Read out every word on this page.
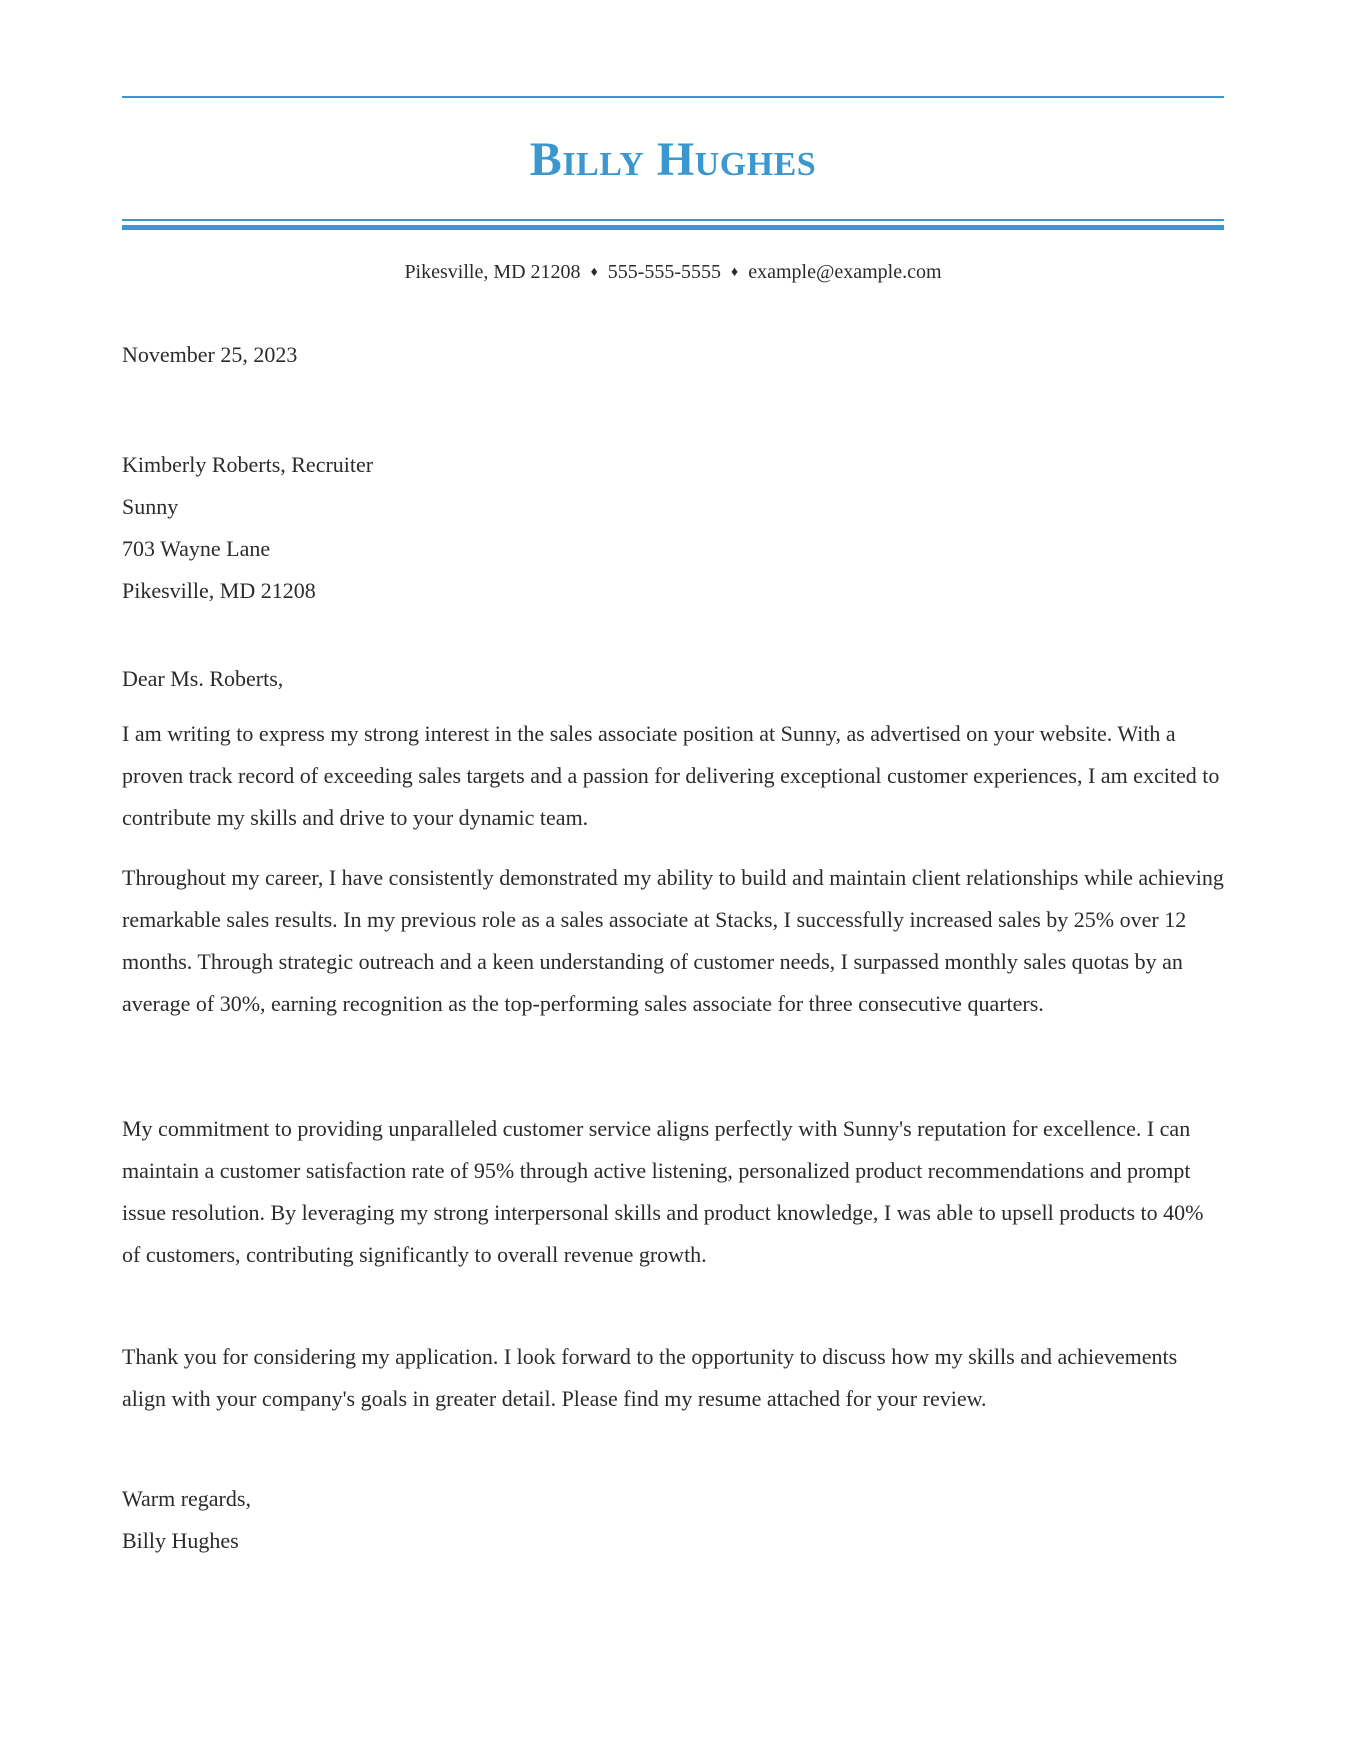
Billy Hughes
Pikesville, MD 21208 ♦ 555-555-5555 ♦ example@example.com
November 25, 2023
Kimberly Roberts, Recruiter
Sunny
703 Wayne Lane
Pikesville, MD 21208
Dear Ms. Roberts,

I am writing to express my strong interest in the sales associate position at Sunny, as advertised on your website. With a proven track record of exceeding sales targets and a passion for delivering exceptional customer experiences, I am excited to contribute my skills and drive to your dynamic team.

Throughout my career, I have consistently demonstrated my ability to build and maintain client relationships while achieving remarkable sales results. In my previous role as a sales associate at Stacks, I successfully increased sales by 25% over 12 months. Through strategic outreach and a keen understanding of customer needs, I surpassed monthly sales quotas by an average of 30%, earning recognition as the top-performing sales associate for three consecutive quarters.

My commitment to providing unparalleled customer service aligns perfectly with Sunny's reputation for excellence. I can maintain a customer satisfaction rate of 95% through active listening, personalized product recommendations and prompt issue resolution. By leveraging my strong interpersonal skills and product knowledge, I was able to upsell products to 40% of customers, contributing significantly to overall revenue growth.

Thank you for considering my application. I look forward to the opportunity to discuss how my skills and achievements align with your company's goals in greater detail. Please find my resume attached for your review.

Warm regards,
Billy Hughes
